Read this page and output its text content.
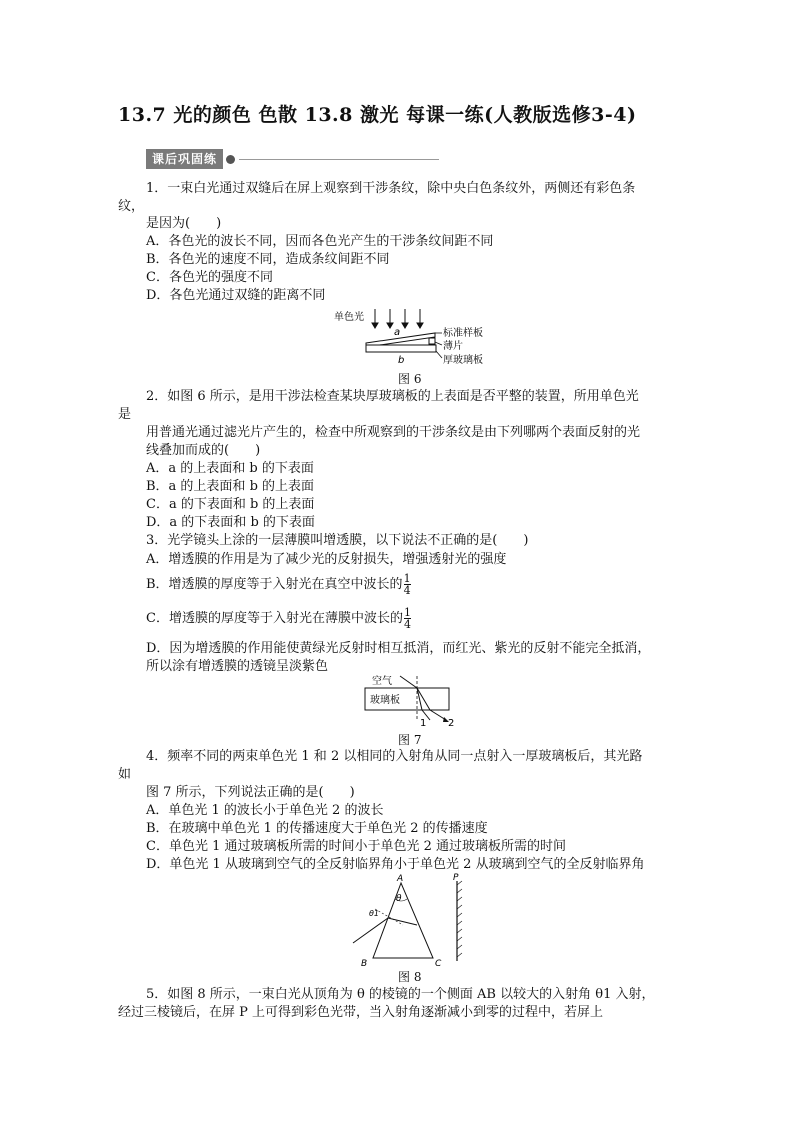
13.7 光的颜色 色散 13.8 激光 每课一练(人教版选修3-4)
课后巩固练
1．一束白光通过双缝后在屏上观察到干涉条纹，除中央白色条纹外，两侧还有彩色条
纹，
是因为(　　)
A．各色光的波长不同，因而各色光产生的干涉条纹间距不同
B．各色光的速度不同，造成条纹间距不同
C．各色光的强度不同
D．各色光通过双缝的距离不同
单色光
a	标准样板
薄片
厚玻璃板
b
图 6
2．如图 6 所示，是用干涉法检查某块厚玻璃板的上表面是否平整的装置，所用单色光
是
用普通光通过滤光片产生的，检查中所观察到的干涉条纹是由下列哪两个表面反射的光
线叠加而成的(　　)
A．a 的上表面和 b 的下表面
B．a 的上表面和 b 的上表面
C．a 的下表面和 b 的上表面
D．a 的下表面和 b 的下表面
3．光学镜头上涂的一层薄膜叫增透膜，以下说法不正确的是(　　)
A．增透膜的作用是为了减少光的反射损失，增强透射光的强度
B．增透膜的厚度等于入射光在真空中波长的 $\frac{1}{4}$
C．增透膜的厚度等于入射光在薄膜中波长的 $\frac{1}{4}$
D．因为增透膜的作用能使黄绿光反射时相互抵消，而红光、紫光的反射不能完全抵消，
所以涂有增透膜的透镜呈淡紫色
空气
玻璃板
1 2
图 7
4．频率不同的两束单色光 1 和 2 以相同的入射角从同一点射入一厚玻璃板后，其光路
如
图 7 所示，下列说法正确的是(　　)
A．单色光 1 的波长小于单色光 2 的波长
B．在玻璃中单色光 1 的传播速度大于单色光 2 的传播速度
C．单色光 1 通过玻璃板所需的时间小于单色光 2 通过玻璃板所需的时间
D．单色光 1 从玻璃到空气的全反射临界角小于单色光 2 从玻璃到空气的全反射临界角
A
B	C
θ
θ1
P
图 8
5．如图 8 所示，一束白光从顶角为 θ 的棱镜的一个侧面 AB 以较大的入射角 θ1 入射，
经过三棱镜后，在屏 P 上可得到彩色光带，当入射角逐渐减小到零的过程中，若屏上
